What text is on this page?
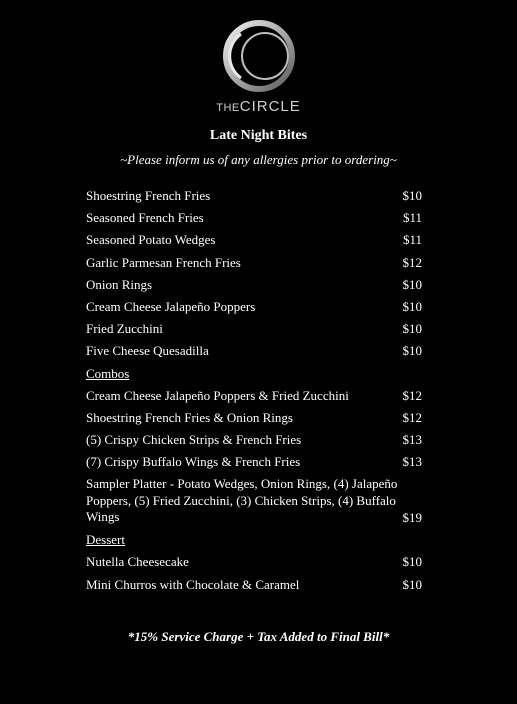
THECIRCLE
Late Night Bites
~Please inform us of any allergies prior to ordering~
Shoestring French Fries	$10
Seasoned French Fries	$11
Seasoned Potato Wedges	$11
Garlic Parmesan French Fries	$12
Onion Rings	$10
Cream Cheese Jalapeño Poppers	$10
Fried Zucchini	$10
Five Cheese Quesadilla	$10
Combos
Cream Cheese Jalapeño Poppers & Fried Zucchini	$12
Shoestring French Fries & Onion Rings	$12
(5) Crispy Chicken Strips & French Fries	$13
(7) Crispy Buffalo Wings & French Fries	$13
Sampler Platter - Potato Wedges, Onion Rings, (4) Jalapeño Poppers, (5) Fried Zucchini, (3) Chicken Strips, (4) Buffalo Wings	$19
Dessert
Nutella Cheesecake	$10
Mini Churros with Chocolate & Caramel	$10
*15% Service Charge + Tax Added to Final Bill*
